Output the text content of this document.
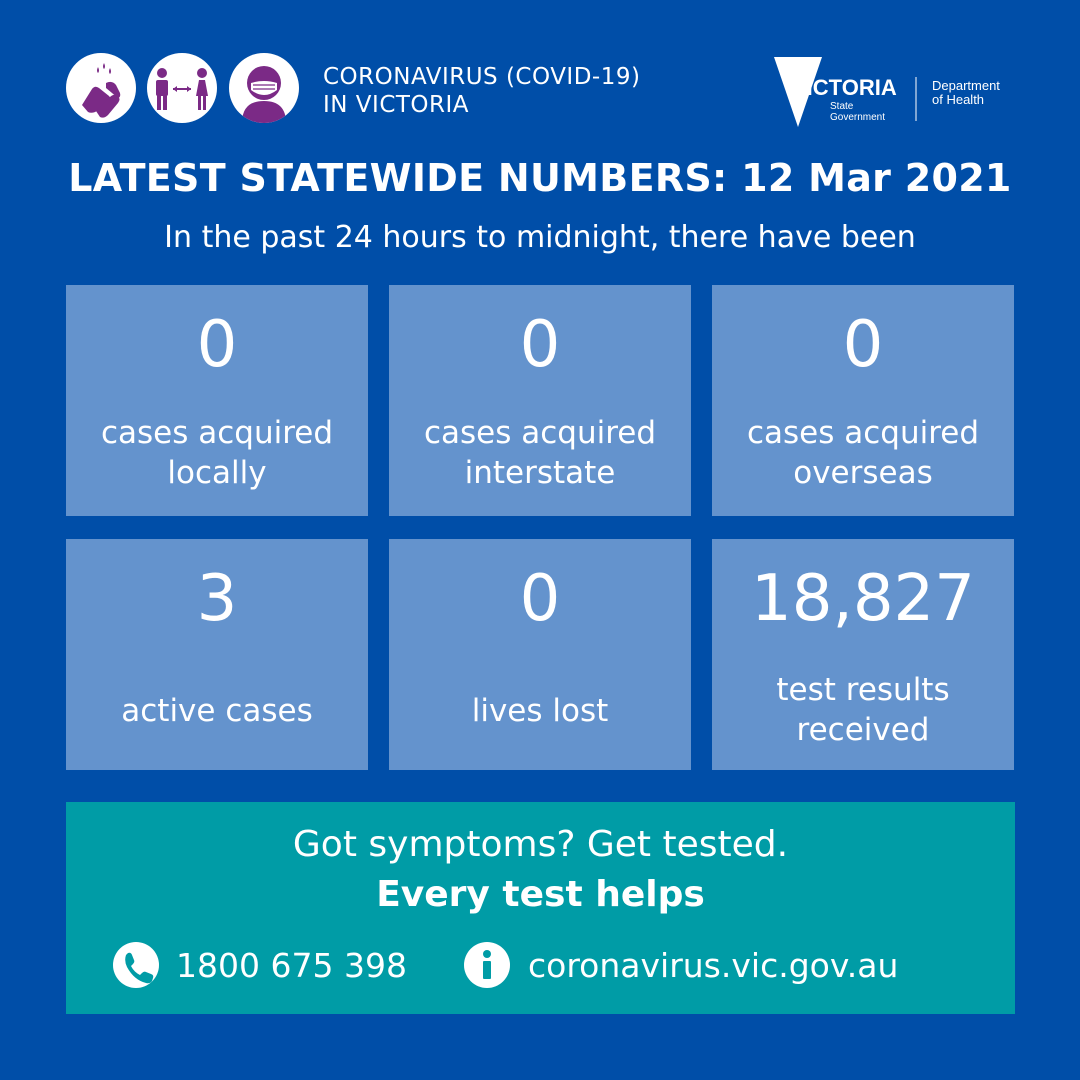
CORONAVIRUS (COVID-19)
IN VICTORIA
VICTORIA
State
Government
Department
of Health
LATEST STATEWIDE NUMBERS: 12 Mar 2021
In the past 24 hours to midnight, there have been
0
cases acquired
locally
0
cases acquired
interstate
0
cases acquired
overseas
3
active cases
0
lives lost
18,827
test results
received
Got symptoms? Get tested.
Every test helps
1800 675 398	coronavirus.vic.gov.au
